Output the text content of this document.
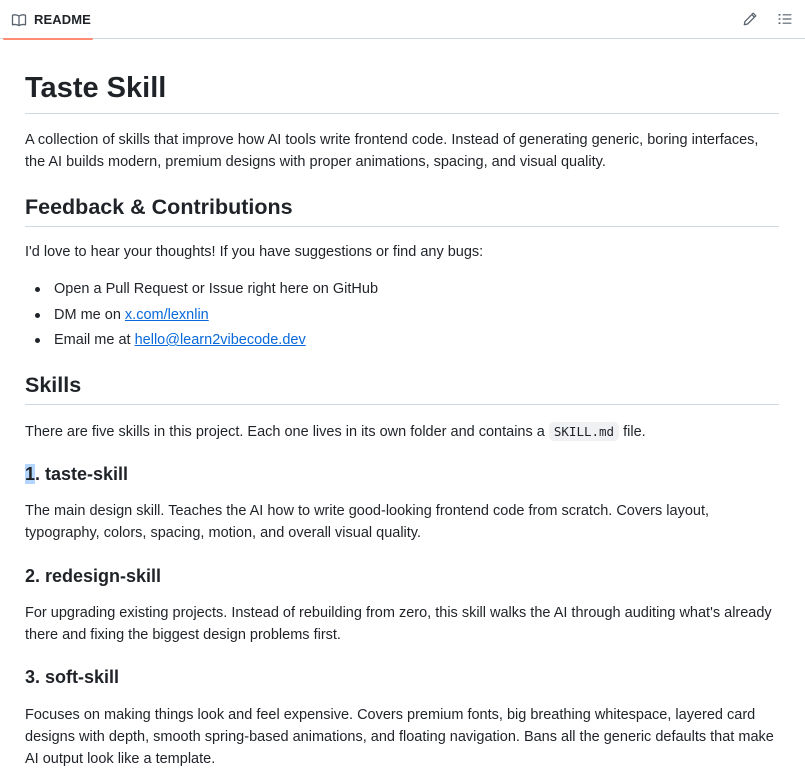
README
Taste Skill

A collection of skills that improve how AI tools write frontend code. Instead of generating generic, boring interfaces, the AI builds modern, premium designs with proper animations, spacing, and visual quality.

Feedback & Contributions

I'd love to hear your thoughts! If you have suggestions or find any bugs:

Open a Pull Request or Issue right here on GitHub
DM me on x.com/lexnlin
Email me at hello@learn2vibecode.dev
Skills

There are five skills in this project. Each one lives in its own folder and contains a SKILL.md file.

1. taste-skill

The main design skill. Teaches the AI how to write good-looking frontend code from scratch. Covers layout, typography, colors, spacing, motion, and overall visual quality.

2. redesign-skill

For upgrading existing projects. Instead of rebuilding from zero, this skill walks the AI through auditing what's already there and fixing the biggest design problems first.

3. soft-skill

Focuses on making things look and feel expensive. Covers premium fonts, big breathing whitespace, layered card designs with depth, smooth spring-based animations, and floating navigation. Bans all the generic defaults that make AI output look like a template.
